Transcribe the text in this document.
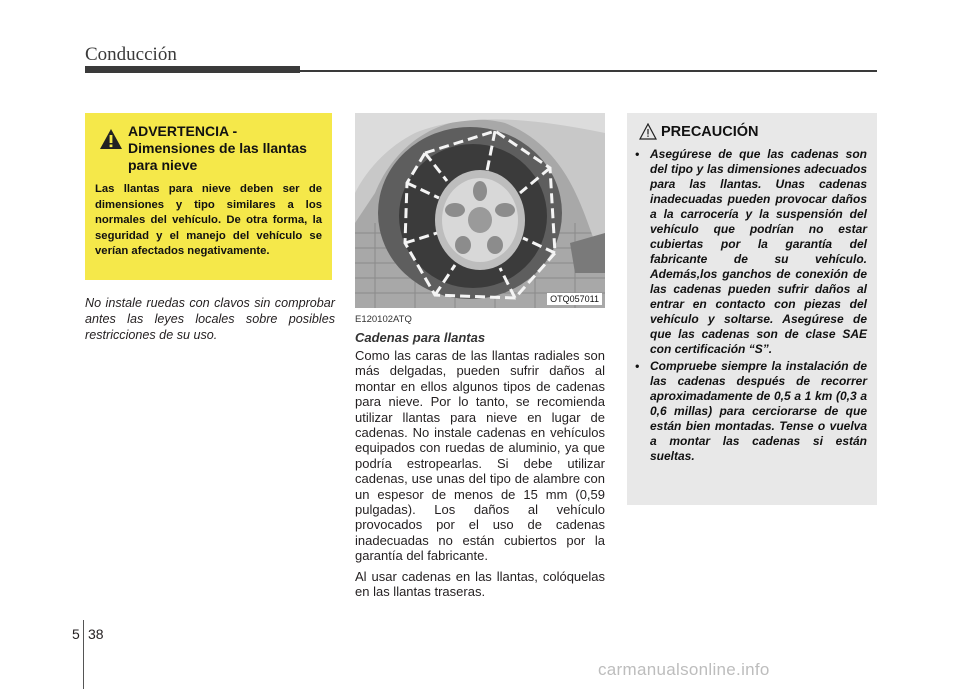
Conducción
ADVERTENCIA - Dimensiones de las llantas para nieve
Las llantas para nieve deben ser de dimensiones y tipo similares a los normales del vehículo. De otra forma, la seguridad y el manejo del vehículo se verían afectados negativamente.
No instale ruedas con clavos sin comprobar antes las leyes locales sobre posibles restricciones de su uso.
OTQ057011
E120102ATQ
Cadenas para llantas

Como las caras de las llantas radiales son más delgadas, pueden sufrir daños al montar en ellos algunos tipos de cadenas para nieve. Por lo tanto, se recomienda utilizar llantas para nieve en lugar de cadenas. No instale cadenas en vehículos equipados con ruedas de aluminio, ya que podría estropearlas. Si debe utilizar cadenas, use unas del tipo de alambre con un espesor de menos de 15 mm (0,59 pulgadas). Los daños al vehículo provocados por el uso de cadenas inadecuadas no están cubiertos por la garantía del fabricante.

Al usar cadenas en las llantas, colóquelas en las llantas traseras.

PRECAUCIÓN
• Asegúrese de que las cadenas son del tipo y las dimensiones adecuados para las llantas. Unas cadenas inadecuadas pueden provocar daños a la carrocería y la suspensión del vehículo que podrían no estar cubiertas por la garantía del fabricante de su vehículo. Además,los ganchos de conexión de las cadenas pueden sufrir daños al entrar en contacto con piezas del vehículo y soltarse. Asegúrese de que las cadenas son de clase SAE con certificación “S”.
• Compruebe siempre la instalación de las cadenas después de recorrer aproximadamente de 0,5 a 1 km (0,3 a 0,6 millas) para cerciorarse de que están bien montadas. Tense o vuelva a montar las cadenas si están sueltas.
5 38
carmanualsonline.info
